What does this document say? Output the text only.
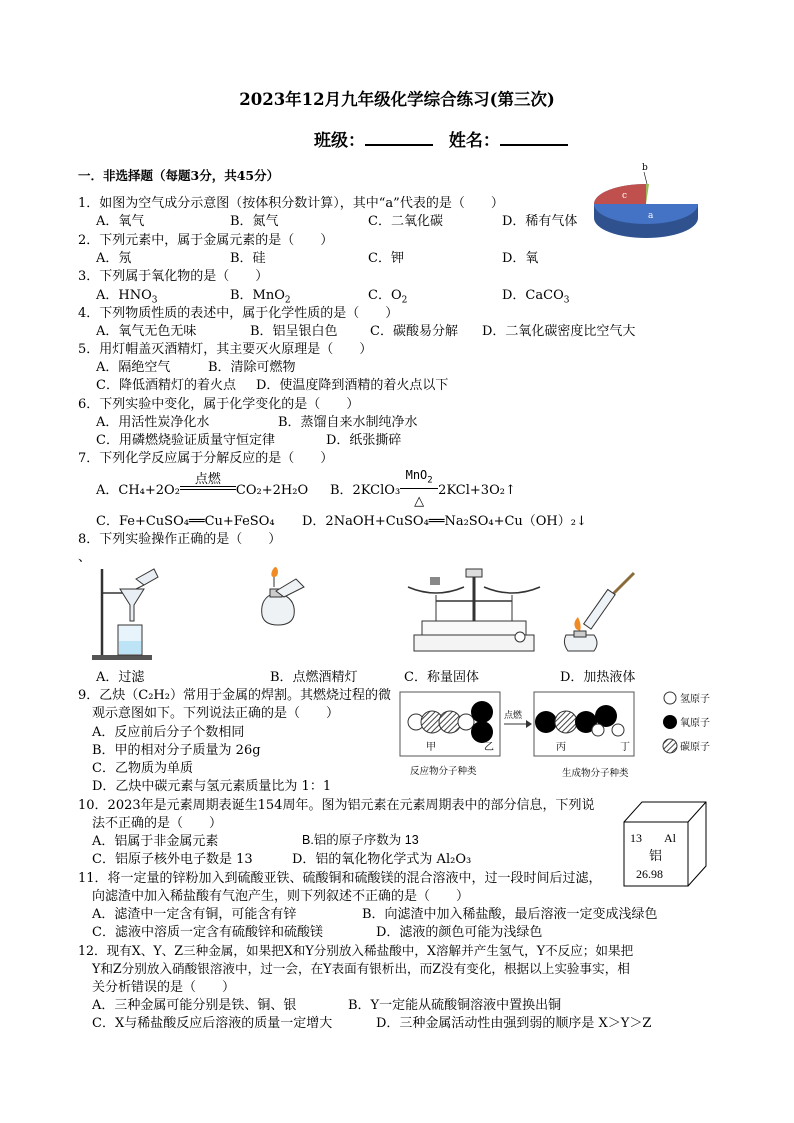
2023年12月九年级化学综合练习(第三次)
班级：	姓名：
一．非选择题（每题3分，共45分）
a
c
b
1．如图为空气成分示意图（按体积分数计算），其中“a”代表的是（　　）
A．氧气	B．氮气	C．二氧化碳	D．稀有气体
2．下列元素中，属于金属元素的是（　　）
A．氖	B．硅	C．钾	D．氧
3．下列属于氧化物的是（　　）
A．$HNO_3$	B．MnO$_2$	C．$O_2$	D．CaCO$_3$
4．下列物质性质的表述中，属于化学性质的是（　　）
A．氧气无色无味	B．铝呈银白色 C．碳酸易分解 D．二氧化碳密度比空气大
5．用灯帽盖灭酒精灯，其主要灭火原理是（　　）
A．隔绝空气	B．清除可燃物
C．降低酒精灯的着火点 D．使温度降到酒精的着火点以下
6．下列实验中变化，属于化学变化的是（　　）
A．用活性炭净化水	B．蒸馏自来水制纯净水
C．用磷燃烧验证质量守恒定律	D．纸张撕碎
7．下列化学反应属于分解反应的是（　　）
A．CH₄+2O₂
点燃
CO₂+2H₂O B．2KClO₃
MnO$_2$
△
2KCl+3O₂↑
C．Fe+CuSO₄══Cu+FeSO₄ D．2NaOH+CuSO₄══Na₂SO₄+Cu（OH）₂↓
8．下列实验操作正确的是（　　）
、
A．过滤	B．点燃酒精灯	C．称量固体	D．加热液体
9．乙炔（C₂H₂）常用于金属的焊割。其燃烧过程的微
观示意图如下。下列说法正确的是（　　）
A．反应前后分子个数相同
B．甲的相对分子质量为 26g
C．乙物质为单质
D．乙炔中碳元素与氢元素质量比为 1：1
甲	乙
点燃
丙	丁
氢原子
氧原子
碳原子
反应物分子种类	生成物分子种类
10．2023年是元素周期表诞生154周年。图为铝元素在元素周期表中的部分信息，下列说
法不正确的是（　　）
A．铝属于非金属元素	B.铝的原子序数为 13
C．铝原子核外电子数是 13	D．铝的氧化物化学式为 Al₂O₃
13 Al
铝
26.98
11．将一定量的锌粉加入到硫酸亚铁、硫酸铜和硫酸镁的混合溶液中，过一段时间后过滤，
向滤渣中加入稀盐酸有气泡产生，则下列叙述不正确的是（　　）
A．滤渣中一定含有铜，可能含有锌	B．向滤渣中加入稀盐酸，最后溶液一定变成浅绿色
C．滤液中溶质一定含有硫酸锌和硫酸镁	D．滤液的颜色可能为浅绿色
12．现有X、Y、Z三种金属，如果把X和Y分别放入稀盐酸中，X溶解并产生氢气，Y不反应；如果把
Y和Z分别放入硝酸银溶液中，过一会，在Y表面有银析出，而Z没有变化，根据以上实验事实，相
关分析错误的是（　　）
A．三种金属可能分别是铁、铜、银	B．Y一定能从硫酸铜溶液中置换出铜
C．X与稀盐酸反应后溶液的质量一定增大	D．三种金属活动性由强到弱的顺序是 X＞Y＞Z
